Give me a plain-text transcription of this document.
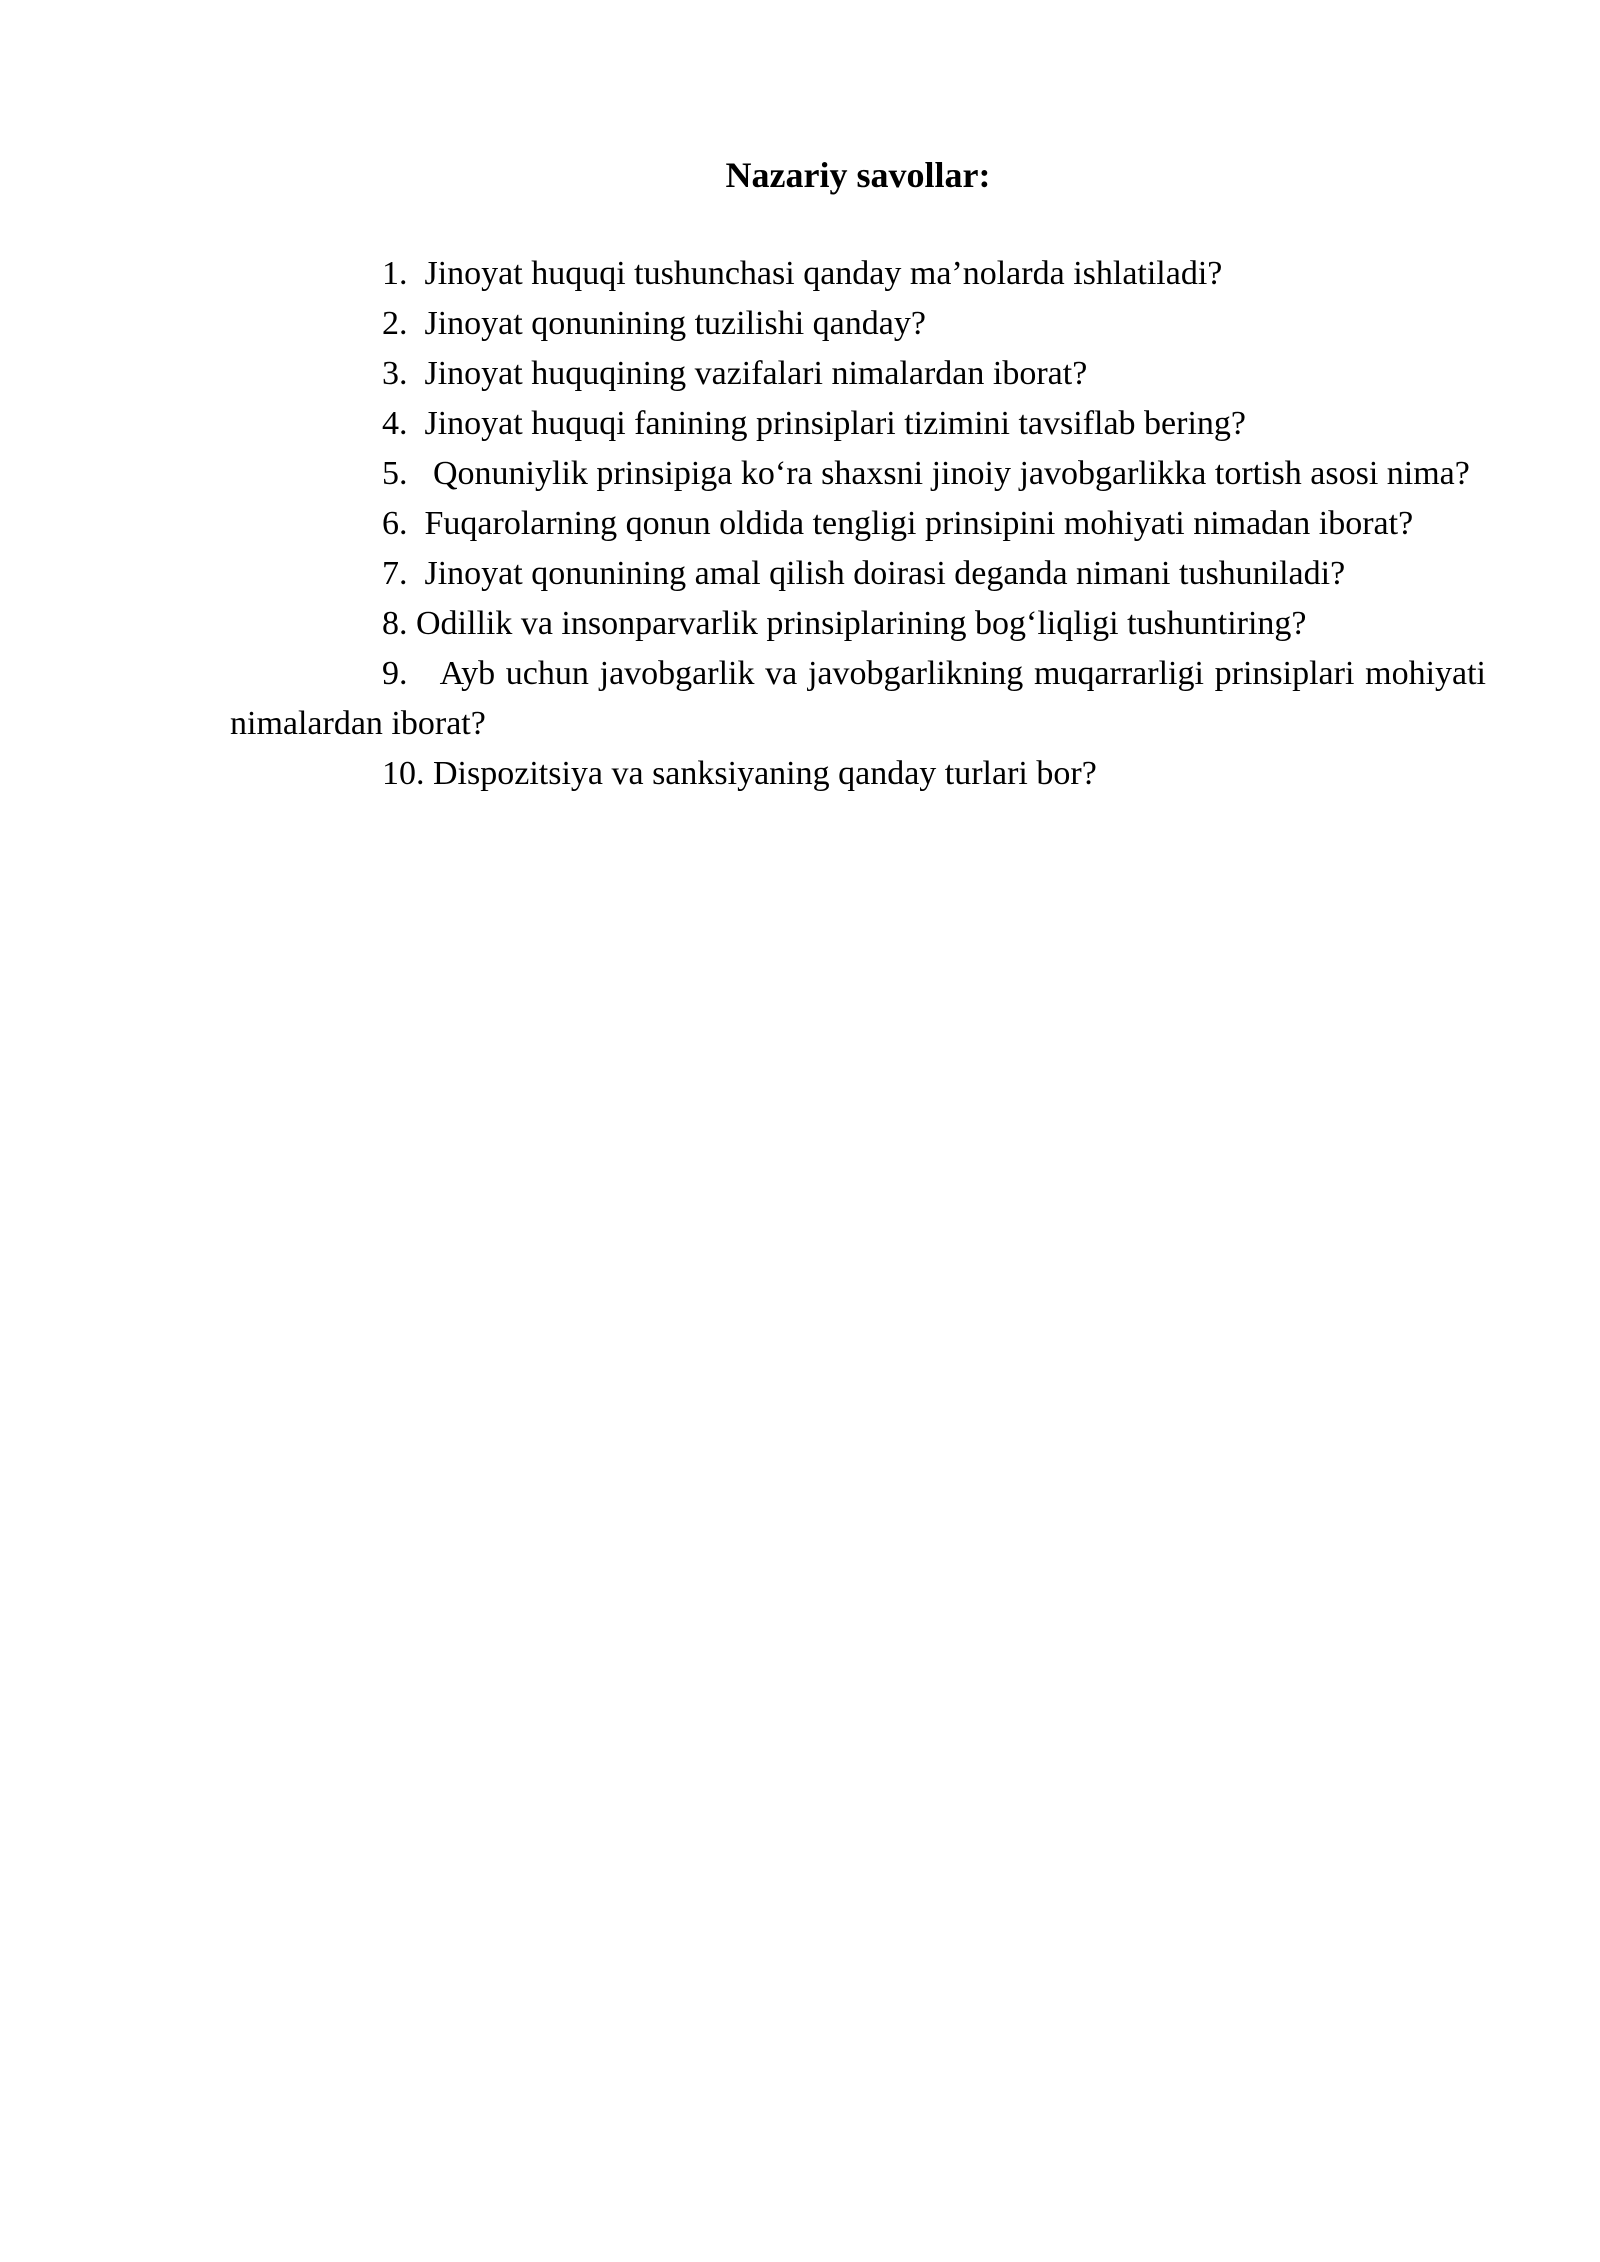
Nazariy savollar:
1. Jinoyat huquqi tushunchasi qanday ma’nolarda ishlatiladi?
2. Jinoyat qonunining tuzilishi qanday?
3. Jinoyat huquqining vazifalari nimalardan iborat?
4. Jinoyat huquqi fanining prinsiplari tizimini tavsiflab bering?
5. Qonuniylik prinsipiga ko‘ra shaxsni jinoiy javobgarlikka tortish asosi nima?
6. Fuqarolarning qonun oldida tengligi prinsipini mohiyati nimadan iborat?
7. Jinoyat qonunining amal qilish doirasi deganda nimani tushuniladi?
8. Odillik va insonparvarlik prinsiplarining bog‘liqligi tushuntiring?
9. Ayb uchun javobgarlik va javobgarlikning muqarrarligi prinsiplari mohiyati nimalardan iborat?
10. Dispozitsiya va sanksiyaning qanday turlari bor?
